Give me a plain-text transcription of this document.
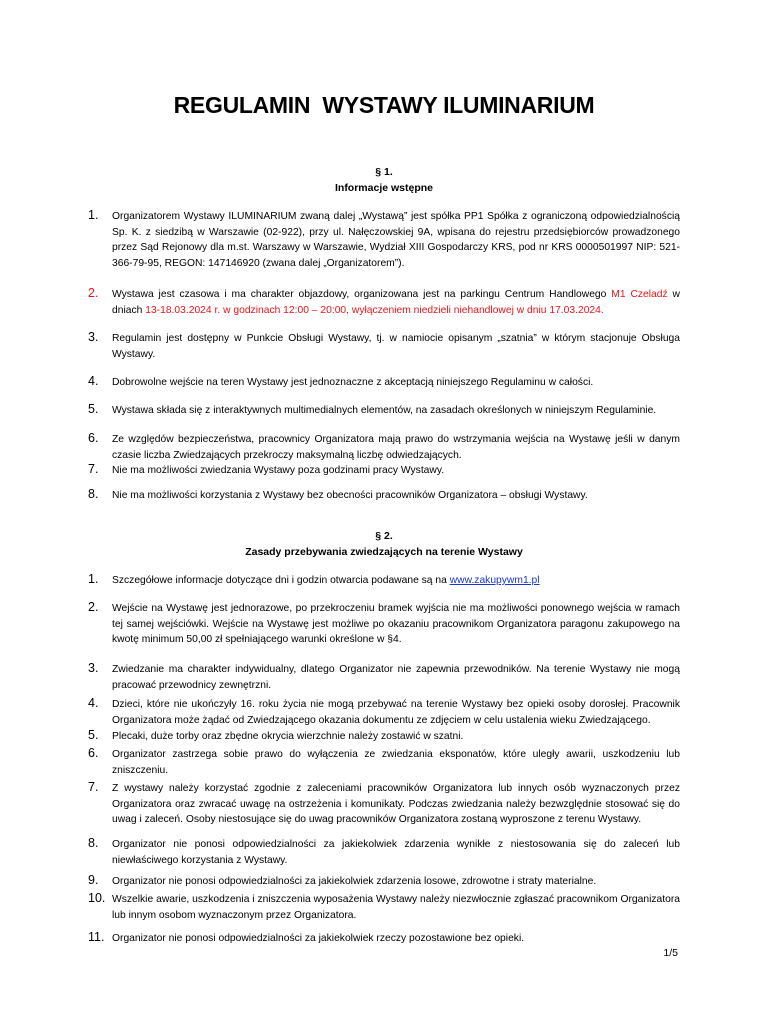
REGULAMIN  WYSTAWY ILUMINARIUM
§ 1.
Informacje wstępne
1. Organizatorem Wystawy ILUMINARIUM zwaną dalej „Wystawą” jest spółka PP1 Spółka z ograniczoną odpowiedzialnością Sp. K. z siedzibą w Warszawie (02-922), przy ul. Nałęczowskiej 9A, wpisana do rejestru przedsiębiorców prowadzonego przez Sąd Rejonowy dla m.st. Warszawy w Warszawie, Wydział XIII Gospodarczy KRS, pod nr KRS 0000501997 NIP: 521-366-79-95, REGON: 147146920 (zwana dalej „Organizatorem”).
2. Wystawa jest czasowa i ma charakter objazdowy, organizowana jest na parkingu Centrum Handlowego M1 Czeladź w dniach 13-18.03.2024 r. w godzinach 12:00 – 20:00, wyłączeniem niedzieli niehandlowej w dniu 17.03.2024.
3. Regulamin jest dostępny w Punkcie Obsługi Wystawy, tj. w namiocie opisanym „szatnia” w którym stacjonuje Obsługa Wystawy.
4. Dobrowolne wejście na teren Wystawy jest jednoznaczne z akceptacją niniejszego Regulaminu w całości.
5. Wystawa składa się z interaktywnych multimedialnych elementów, na zasadach określonych w niniejszym Regulaminie.
6. Ze względów bezpieczeństwa, pracownicy Organizatora mają prawo do wstrzymania wejścia na Wystawę jeśli w danym czasie liczba Zwiedzających przekroczy maksymalną liczbę odwiedzających.
7. Nie ma możliwości zwiedzania Wystawy poza godzinami pracy Wystawy.
8. Nie ma możliwości korzystania z Wystawy bez obecności pracowników Organizatora – obsługi Wystawy.
§ 2.
Zasady przebywania zwiedzających na terenie Wystawy
1. Szczegółowe informacje dotyczące dni i godzin otwarcia podawane są na www.zakupywm1.pl
2. Wejście na Wystawę jest jednorazowe, po przekroczeniu bramek wyjścia nie ma możliwości ponownego wejścia w ramach tej samej wejściówki. Wejście na Wystawę jest możliwe po okazaniu pracownikom Organizatora paragonu zakupowego na kwotę minimum 50,00 zł spełniającego warunki określone w §4.
3. Zwiedzanie ma charakter indywidualny, dlatego Organizator nie zapewnia przewodników. Na terenie Wystawy nie mogą pracować przewodnicy zewnętrzni.
4. Dzieci, które nie ukończyły 16. roku życia nie mogą przebywać na terenie Wystawy bez opieki osoby dorosłej. Pracownik Organizatora może żądać od Zwiedzającego okazania dokumentu ze zdjęciem w celu ustalenia wieku Zwiedzającego.
5. Plecaki, duże torby oraz zbędne okrycia wierzchnie należy zostawić w szatni.
6. Organizator zastrzega sobie prawo do wyłączenia ze zwiedzania eksponatów, które uległy awarii, uszkodzeniu lub zniszczeniu.
7. Z wystawy należy korzystać zgodnie z zaleceniami pracowników Organizatora lub innych osób wyznaczonych przez Organizatora oraz zwracać uwagę na ostrzeżenia i komunikaty. Podczas zwiedzania należy bezwzględnie stosować się do uwag i zaleceń. Osoby niestosujące się do uwag pracowników Organizatora zostaną wyproszone z terenu Wystawy.
8. Organizator nie ponosi odpowiedzialności za jakiekolwiek zdarzenia wynikłe z niestosowania się do zaleceń lub niewłaściwego korzystania z Wystawy.
9. Organizator nie ponosi odpowiedzialności za jakiekolwiek zdarzenia losowe, zdrowotne i straty materialne.
10. Wszelkie awarie, uszkodzenia i zniszczenia wyposażenia Wystawy należy niezwłocznie zgłaszać pracownikom Organizatora lub innym osobom wyznaczonym przez Organizatora.
11. Organizator nie ponosi odpowiedzialności za jakiekolwiek rzeczy pozostawione bez opieki.
1/5
